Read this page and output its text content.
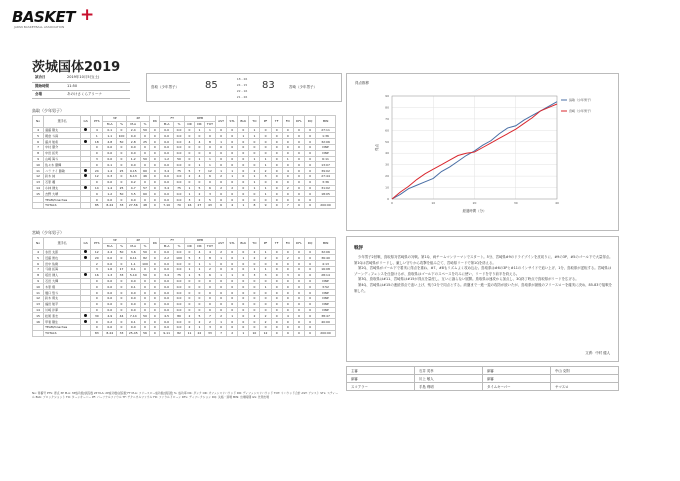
BASKET +
JAPAN BASKETBALL ASSOCIATION
茨城国体2019
試合日	2019年10月5日(土)
開始時間	11:50
会場	あのけさくらアリーナ
鳥取（少年男子）	85
18 - 26
24 - 15
22 - 16
21 - 26
83	宮崎（少年男子）
鳥取（少年男子）
No	選手名	GS	PTS	3P		2P		DK	FT		REB			AST	STL	BLK	TO	PF	TF	FD	DFL	DQ	MIN
				M-A	%	M-A	%		M-A	%	OR	DR	TOT										
4	遠藤 陽太		4	0-1	0	2-4	50	0	0-0	0.0	0	1	1	0	0	0	1	0	0	0	0	0	27:11
5	朝倉 斗真		1	1-1	100	0-0	0	0	0-0	0.0	0	0	0	0	0	1	1	0	0	0	0	0	1:36
6	藤井 航希		18	4-8	50	2-8	25	0	0-0	0.0	4	4	8	1	0	0	0	0	0	0	0	0	32:06
7	中村 優介		0	0-0	0	0-0	0	0	0-0	0.0	0	0	0	0	0	0	0	0	0	0	0	0	DNP
8	中田 拓実		0	0-0	0	0-0	0	0	0-0	0.0	0	0	0	0	0	0	0	0	0	0	0	0	DNP
9	山崎 海斗		3	0-0	0	1-2	50	0	1-2	50	0	1	1	0	0	0	1	1	0	1	0	0	6:11
10	佐々木 優輝		0	0-1	0	0-0	0	0	0-0	0.0	0	1	1	0	0	0	0	1	0	0	0	0	13:07
11	ハラ ケイ 勝敏		24	1-4	25	9-15	60	0	3-4	75	5	7	12	1	1	0	2	2	0	4	0	0	39:02
12	鈴木 純		12	0-3	0	6-13	46	0	0-0	0.0	2	4	6	2	1	0	1	3	0	0	0	0	27:44
13	石原 颯		0	0-0	0	0-2	0	0	0-0	0.0	0	0	0	0	0	0	1	0	0	0	0	0	3:36
14	小林 健太		14	1-4	25	4-7	57	0	3-4	75	1	5	6	2	2	0	1	1	0	2	0	0	31:02
15	吉野 大晴		9	1-2	50	3-5	60	0	0-0	0.0	1	2	3	0	0	0	0	1	0	0	0	0	18:05
	TEAM/Coaches		0	0-0	0	0-0	0	0	0-0	0.0	3	2	5	0	0	0	0	0	0	0	0	0	
	TOTALS		85	8-24	33	27-56	48	0	7-10	70	16	27	43	6	4	1	8	9	0	7	0	0	200:00
宮崎（少年男子）
No	選手名	GS	PTS	3P		2P		DK	FT		REB			AST	STL	BLK	TO	PF	TF	FD	DFL	DQ	MIN
				M-A	%	M-A	%		M-A	%	OR	DR	TOT										
4	永田 太郎		12	2-4	50	3-6	50	0	0-0	0.0	0	4	4	2	0	0	2	1	0	0	0	0	32:06
5	近藤 智也		20	0-0	0	9-11	82	0	2-2	100	5	3	8	1	0	1	2	2	0	2	0	0	36:40
6	田中 佑樹		2	0-0	0	1-1	100	0	0-0	0.0	0	1	1	0	0	0	0	0	0	0	0	0	4:13
7	弓削 拓海		3	1-6	17	0-1	0	0	0-0	0.0	1	1	2	0	0	0	1	1	0	0	0	0	16:08
8	坂田 健人		16	1-3	33	5-10	50	0	3-4	75	1	5	6	1	1	0	3	3	0	3	0	0	28:14
9	石田 大輝		0	0-0	0	0-0	0	0	0-0	0.0	0	0	0	0	0	0	0	0	0	0	0	0	DNP
10	木原 翔		0	0-0	0	0-1	0	0	0-0	0.0	0	0	0	0	0	0	0	1	0	0	0	0	3:52
11	堀口 悠斗		0	0-0	0	0-0	0	0	0-0	0.0	0	0	0	0	0	0	0	0	0	0	0	0	DNP
12	鈴木 瑛太		0	0-0	0	0-0	0	0	0-0	0.0	0	0	0	0	0	0	0	0	0	0	0	0	DNP
13	福田 航平		0	0-0	0	0-0	0	0	0-0	0.0	0	0	0	0	0	0	0	0	0	0	0	0	DNP
14	川崎 歩夢		0	0-0	0	0-0	0	0	0-0	0.0	0	0	0	0	0	0	0	0	0	0	0	0	DNP
15	松尾 泰志		30	4-9	44	7-14	50	0	4-5	80	2	5	7	2	1	0	2	2	0	4	0	0	38:47
16	甲斐 陽生		0	0-2	0	0-1	0	0	0-0	0.0	0	2	2	1	0	0	0	2	0	0	0	0	40:00
	TEAM/Coaches		0	0-0	0	0-0	0	0	0-0	0.0	2	1	3	0	0	0	0	0	0	0	0	0	
	TOTALS		83	8-24	33	25-45	56	0	9-11	82	11	22	33	7	2	1	10	12	0	9	0	0	200:00
No: 背番号 PTS: 得点 3P M-A: 3P成功数/試投数 2P M-A: 2P成功数/試投数 FT M-A: フリースロー成功数/試投数 %: 成功率 DK: ダンク OR: オフェンスリバウンド DR: ディフェンスリバウンド TOT: リバウンド合計 AST: アシスト STL: スティール BLK: ブロックショット TO: ターンオーバー PF: パーソナルファウル TF: テクニカルファウル FD: ファウルドローン DFL: ディフレクション DQ: 失格・退場 MIN: 出場時間 GS: 先発出場
得点推移
0
10
20
30
40
50
60
70
80
90
0	10	20	30	40
経過時間（分）
得点
鳥取（少年男子）
宮崎（少年男子）
戦評

少年男子2回戦、鳥取県対宮崎県の対戦。第1Q、両チームマンツーマンでスタート。5分、宮崎県#9のドライブインを皮切りに、#9の3P、#5のゴール下で大量得点。第1Qは宮崎県がリードし、厳しい守りから攻撃を組み立て、宮崎県リードで第1Qを終える。

第2Q、宮崎県がゴール下で着実に得点を重ね、#7、#8もリズムよく攻め込む。鳥取県は#6の3Pと#11のインサイドで追い上げ、1分、鳥取県が逆転する。宮崎県はゾーンディフェンスを仕掛けるが、鳥取県はゴール下のスペースを巧みに使い、リードを守り前半を終える。

第3Q、鳥取県は#11、宮崎県は#15が得点を量産し、互いに譲らない展開。鳥取県は速攻から加点し、3Q終了時点で鳥取県がリードを広げる。

第4Q、宮崎県は#15の連続得点で追い上げ、残り2分で同点とする。終盤まで一進一退の攻防が続いたが、鳥取県が最後のフリースローを確実に決め、85-83で接戦を制した。

文責：中村 健人
主審	石井 英孝	副審	中山 克則
副審	川上 敏人	副審	
スコアラー	手島 利明	タイムキーパー	ヤマスロ
